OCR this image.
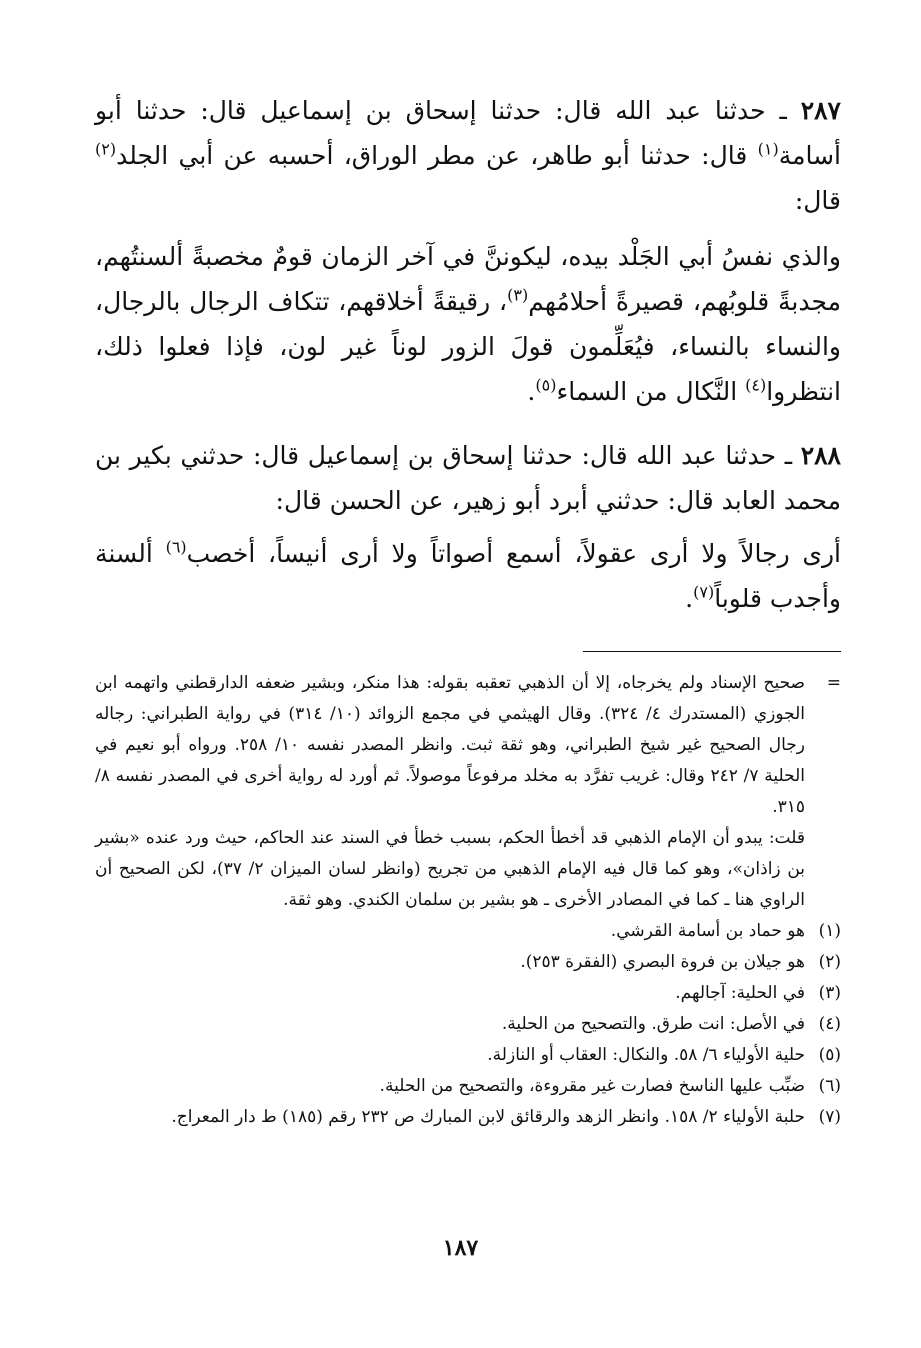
٢٨٧ ـ حدثنا عبد الله قال: حدثنا إسحاق بن إسماعيل قال: حدثنا أبو أسامة$^{(١)}$ قال: حدثنا أبو طاهر، عن مطر الوراق، أحسبه عن أبي الجلد$^{(٢)}$ قال:
والذي نفسُ أبي الجَلْد بيده، ليكوننَّ في آخر الزمان قومٌ مخصبةً ألسنتُهم، مجدبةً قلوبُهم، قصيرةً أحلامُهم$^{(٣)}$، رقيقةً أخلاقهم، تتكاف الرجال بالرجال، والنساء بالنساء، فيُعَلِّمون قولَ الزور لوناً غير لون، فإذا فعلوا ذلك، انتظروا$^{(٤)}$ النَّكال من السماء$^{(٥)}$.
٢٨٨ ـ حدثنا عبد الله قال: حدثنا إسحاق بن إسماعيل قال: حدثني بكير بن محمد العابد قال: حدثني أبرد أبو زهير، عن الحسن قال:
أرى رجالاً ولا أرى عقولاً، أسمع أصواتاً ولا أرى أنيساً، أخصب$^{(٦)}$ ألسنة وأجدب قلوباً$^{(٧)}$.
=
صحيح الإسناد ولم يخرجاه، إلا أن الذهبي تعقبه بقوله: هذا منكر، وبشير ضعفه الدارقطني واتهمه ابن الجوزي (المستدرك ٤/ ٣٢٤). وقال الهيثمي في مجمع الزوائد (١٠/ ٣١٤) في رواية الطبراني: رجاله رجال الصحيح غير شيخ الطبراني، وهو ثقة ثبت. وانظر المصدر نفسه ١٠/ ٢٥٨. ورواه أبو نعيم في الحلية ٧/ ٢٤٢ وقال: غريب تفرَّد به مخلد مرفوعاً موصولاً. ثم أورد له رواية أخرى في المصدر نفسه ٨/ ٣١٥.
قلت: يبدو أن الإمام الذهبي قد أخطأ الحكم، بسبب خطأ في السند عند الحاكم، حيث ورد عنده «بشير بن زاذان»، وهو كما قال فيه الإمام الذهبي من تجريح (وانظر لسان الميزان ٢/ ٣٧)، لكن الصحيح أن الراوي هنا ـ كما في المصادر الأخرى ـ هو بشير بن سلمان الكندي. وهو ثقة.
(١)
هو حماد بن أسامة القرشي.
(٢)
هو جيلان بن فروة البصري (الفقرة ٢٥٣).
(٣)
في الحلية: آجالهم.
(٤)
في الأصل: انت طرق. والتصحيح من الحلية.
(٥)
حلية الأولياء ٦/ ٥٨. والنكال: العقاب أو النازلة.
(٦)
ضبِّب عليها الناسخ فصارت غير مقروءة، والتصحيح من الحلية.
(٧)
حلبة الأولياء ٢/ ١٥٨. وانظر الزهد والرقائق لابن المبارك ص ٢٣٢ رقم (١٨٥) ط دار المعراج.
١٨٧
